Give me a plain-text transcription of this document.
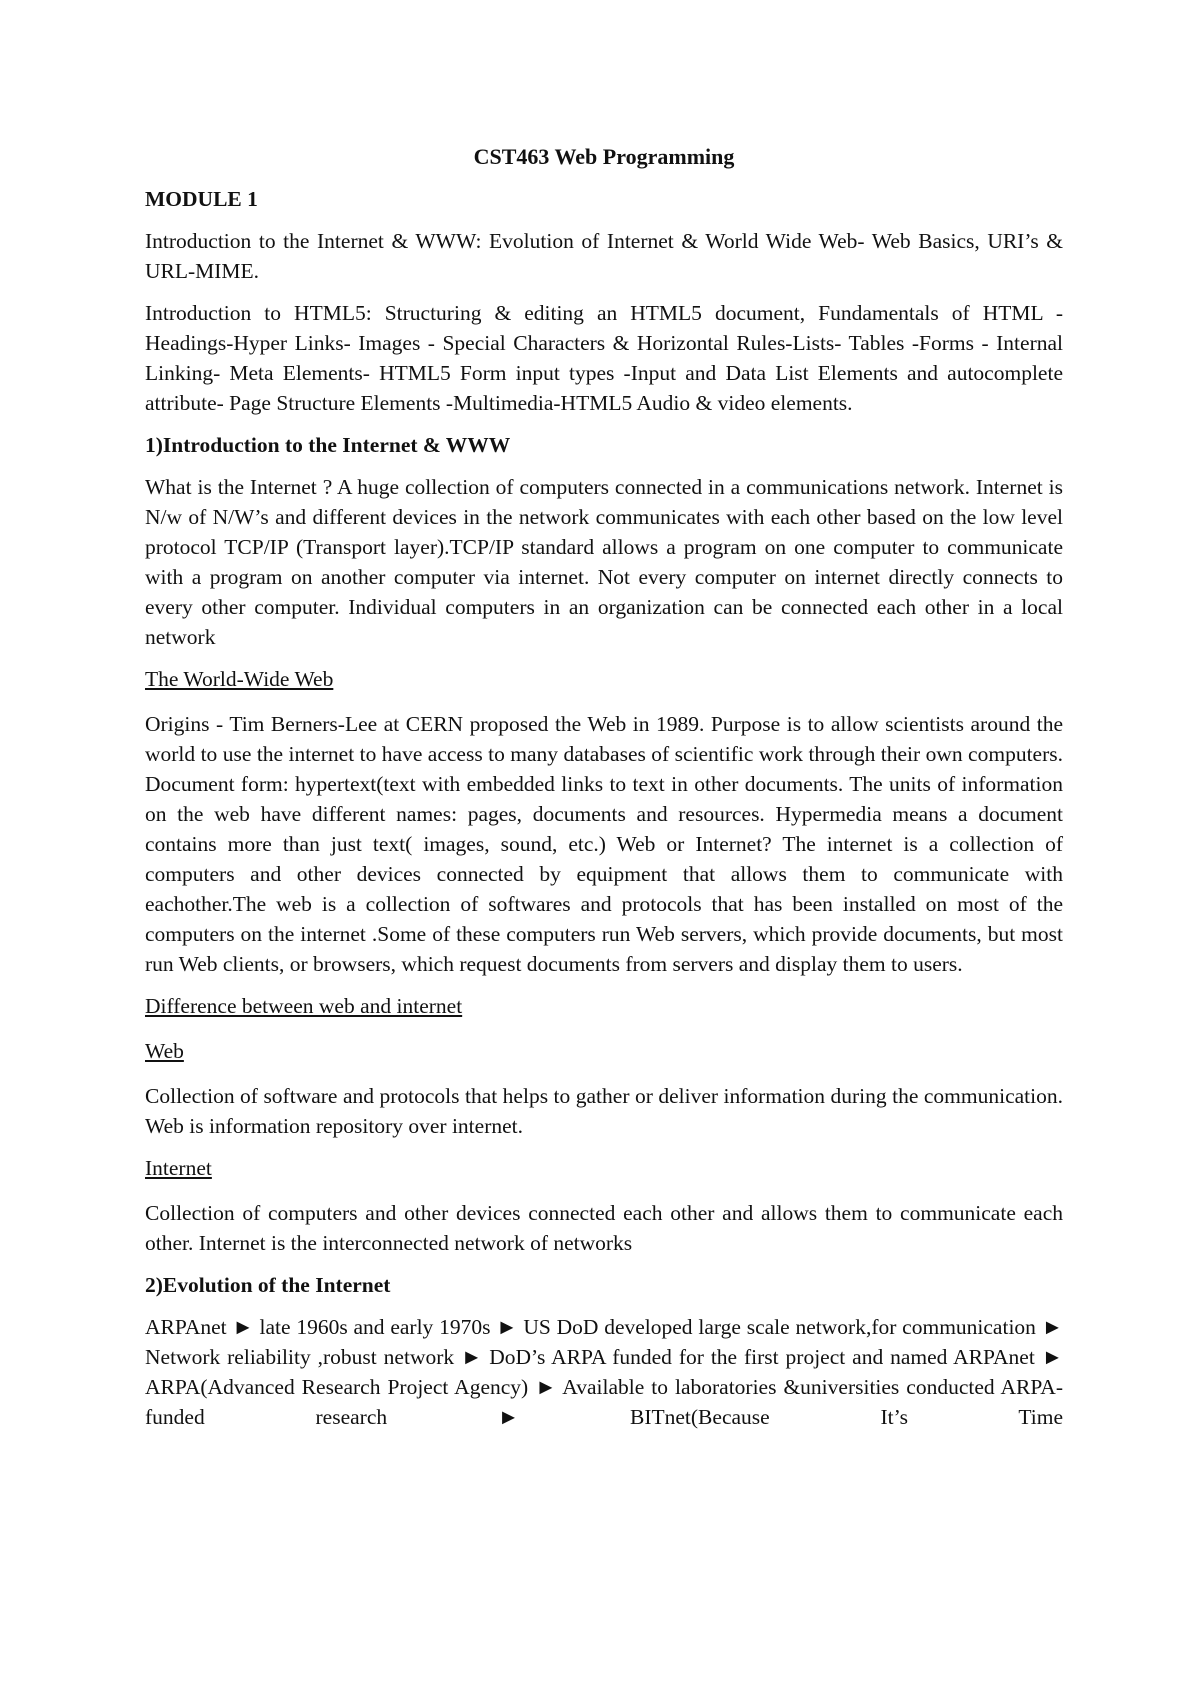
CST463 Web Programming
MODULE 1

Introduction to the Internet & WWW: Evolution of Internet & World Wide Web- Web Basics, URI’s & URL-MIME.

Introduction to HTML5: Structuring & editing an HTML5 document, Fundamentals of HTML - Headings-Hyper Links- Images - Special Characters & Horizontal Rules-Lists- Tables -Forms - Internal Linking- Meta Elements- HTML5 Form input types -Input and Data List Elements and autocomplete attribute- Page Structure Elements -Multimedia-HTML5 Audio & video elements.

1)Introduction to the Internet & WWW

What is the Internet ? A huge collection of computers connected in a communications network. Internet is N/w of N/W’s and different devices in the network communicates with each other based on the low level protocol TCP/IP (Transport layer).TCP/IP standard allows a program on one computer to communicate with a program on another computer via internet. Not every computer on internet directly connects to every other computer. Individual computers in an organization can be connected each other in a local network

The World-Wide Web

Origins - Tim Berners-Lee at CERN proposed the Web in 1989. Purpose is to allow scientists around the world to use the internet to have access to many databases of scientific work through their own computers. Document form: hypertext(text with embedded links to text in other documents. The units of information on the web have different names: pages, documents and resources. Hypermedia means a document contains more than just text( images, sound, etc.) Web or Internet? The internet is a collection of computers and other devices connected by equipment that allows them to communicate with eachother.The web is a collection of softwares and protocols that has been installed on most of the computers on the internet .Some of these computers run Web servers, which provide documents, but most run Web clients, or browsers, which request documents from servers and display them to users.

Difference between web and internet
Web

Collection of software and protocols that helps to gather or deliver information during the communication. Web is information repository over internet.

Internet

Collection of computers and other devices connected each other and allows them to communicate each other. Internet is the interconnected network of networks

2)Evolution of the Internet

ARPAnet ► late 1960s and early 1970s ► US DoD developed large scale network,for communication ► Network reliability ,robust network ► DoD’s ARPA funded for the first project and named ARPAnet ► ARPA(Advanced Research Project Agency) ► Available to laboratories &universities conducted ARPA-funded research ► BITnet(Because It’s Time
